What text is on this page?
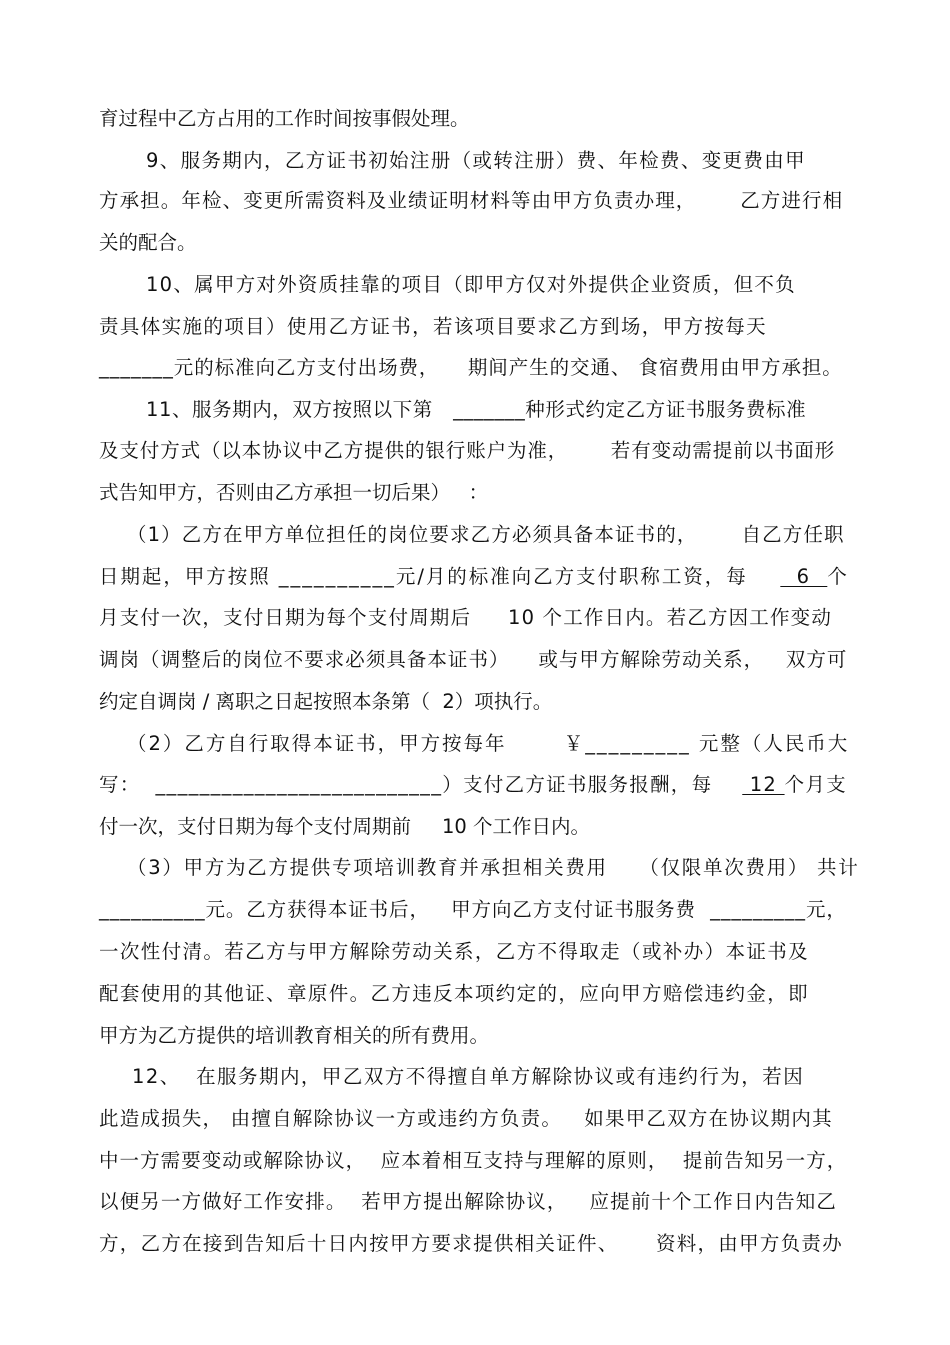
育过程中乙方占用的工作时间按事假处理。
9、服务期内，乙方证书初始注册（或转注册）费、年检费、变更费由甲
方承担。年检、变更所需资料及业绩证明材料等由甲方负责办理，      乙方进行相
关的配合。
10、属甲方对外资质挂靠的项目（即甲方仅对外提供企业资质，但不负
责具体实施的项目）使用乙方证书，若该项目要求乙方到场，甲方按每天
_______元的标准向乙方支付出场费，    期间产生的交通、 食宿费用由甲方承担。
11、服务期内，双方按照以下第   _______种形式约定乙方证书服务费标准
及支付方式（以本协议中乙方提供的银行账户为准，      若有变动需提前以书面形
式告知甲方，否则由乙方承担一切后果）   ：
（1）乙方在甲方单位担任的岗位要求乙方必须具备本证书的，      自乙方任职
日期起，甲方按照 __________元/月的标准向乙方支付职称工资，每      6  个
月支付一次，支付日期为每个支付周期后     10 个工作日内。若乙方因工作变动
调岗（调整后的岗位不要求必须具备本证书）    或与甲方解除劳动关系，   双方可
约定自调岗 / 离职之日起按照本条第（  2）项执行。
（2）乙方自行取得本证书，甲方按每年       ￥_________ 元整（人民币大
写：  __________________________）支付乙方证书服务报酬，每     12 个月支
付一次，支付日期为每个支付周期前     10 个工作日内。
（3）甲方为乙方提供专项培训教育并承担相关费用    （仅限单次费用） 共计
__________元。乙方获得本证书后，   甲方向乙方支付证书服务费  _________元，
一次性付清。若乙方与甲方解除劳动关系，乙方不得取走（或补办）本证书及
配套使用的其他证、章原件。乙方违反本项约定的，应向甲方赔偿违约金，即
甲方为乙方提供的培训教育相关的所有费用。
12、  在服务期内，甲乙双方不得擅自单方解除协议或有违约行为，若因
此造成损失， 由擅自解除协议一方或违约方负责。   如果甲乙双方在协议期内其
中一方需要变动或解除协议，  应本着相互支持与理解的原则，  提前告知另一方，
以便另一方做好工作安排。  若甲方提出解除协议，   应提前十个工作日内告知乙
方，乙方在接到告知后十日内按甲方要求提供相关证件、     资料，由甲方负责办
